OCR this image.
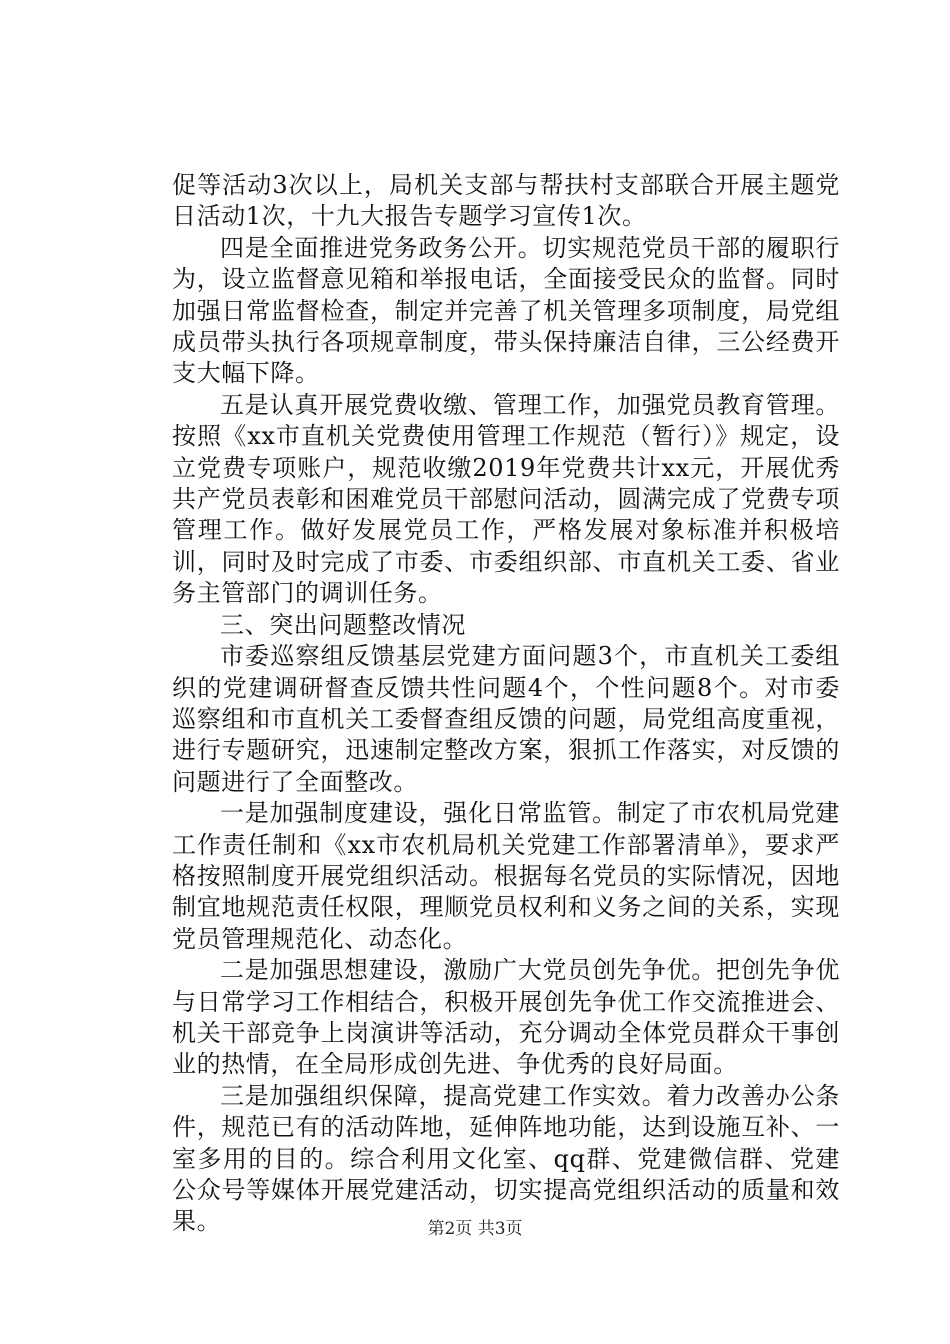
促等活动3次以上，局机关支部与帮扶村支部联合开展主题党日活动1次，十九大报告专题学习宣传1次。

四是全面推进党务政务公开。切实规范党员干部的履职行为，设立监督意见箱和举报电话，全面接受民众的监督。同时加强日常监督检查，制定并完善了机关管理多项制度，局党组成员带头执行各项规章制度，带头保持廉洁自律，三公经费开支大幅下降。

五是认真开展党费收缴、管理工作，加强党员教育管理。按照《xx市直机关党费使用管理工作规范（暂行）》规定，设立党费专项账户，规范收缴2019年党费共计xx元，开展优秀共产党员表彰和困难党员干部慰问活动，圆满完成了党费专项管理工作。做好发展党员工作，严格发展对象标准并积极培训，同时及时完成了市委、市委组织部、市直机关工委、省业务主管部门的调训任务。

三、突出问题整改情况

市委巡察组反馈基层党建方面问题3个，市直机关工委组织的党建调研督查反馈共性问题4个，个性问题8个。对市委巡察组和市直机关工委督查组反馈的问题，局党组高度重视，进行专题研究，迅速制定整改方案，狠抓工作落实，对反馈的问题进行了全面整改。

一是加强制度建设，强化日常监管。制定了市农机局党建工作责任制和《xx市农机局机关党建工作部署清单》，要求严格按照制度开展党组织活动。根据每名党员的实际情况，因地制宜地规范责任权限，理顺党员权利和义务之间的关系，实现党员管理规范化、动态化。

二是加强思想建设，激励广大党员创先争优。把创先争优与日常学习工作相结合，积极开展创先争优工作交流推进会、机关干部竞争上岗演讲等活动，充分调动全体党员群众干事创业的热情，在全局形成创先进、争优秀的良好局面。

三是加强组织保障，提高党建工作实效。着力改善办公条件，规范已有的活动阵地，延伸阵地功能，达到设施互补、一室多用的目的。综合利用文化室、qq群、党建微信群、党建公众号等媒体开展党建活动，切实提高党组织活动的质量和效果。	第2页 共3页
